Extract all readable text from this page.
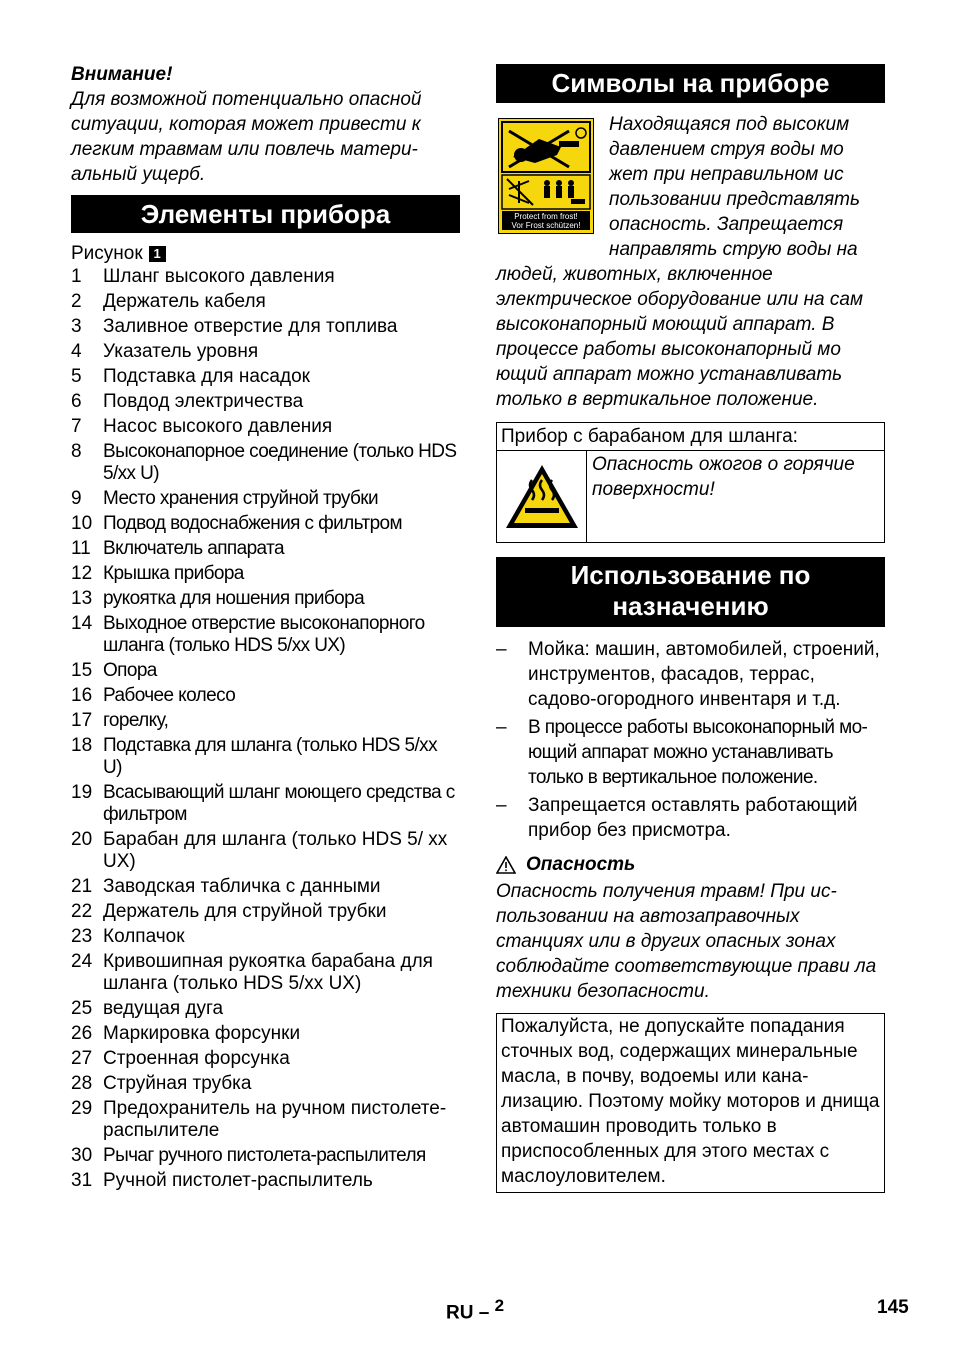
Внимание!
Для возможной потенциально опасной ситуации, которая может привести к легким травмам или повлечь материальный ущерб.
Элементы прибора
Рисунок 1
1	Шланг высокого давления
2	Держатель кабеля
3	Заливное отверстие для топлива
4	Указатель уровня
5	Подставка для насадок
6	Повдод электричества
7	Насос высокого давления
8	Высоконапорное соединение (только HDS 5/xx U)
9	Место хранения струйной трубки
10 Подвод водоснабжения с фильтром
11 Включатель аппарата
12 Крышка прибора
13 рукоятка для ношения прибора
14 Выходное отверстие высоконапорного шланга (только HDS 5/xx UX)
15 Опора
16 Рабочее колесо
17 горелку,
18 Подставка для шланга (только HDS 5/xx U)
19 Всасывающий шланг моющего средства с фильтром
20 Барабан для шланга (только HDS 5/ xx UX)
21 Заводская табличка с данными
22 Держатель для струйной трубки
23 Колпачок
24 Кривошипная рукоятка барабана для шланга (только HDS 5/xx UX)
25 ведущая дуга
26 Маркировка форсунки
27 Строенная форсунка
28 Струйная трубка
29 Предохранитель на ручном пистолете-распылителе
30 Рычаг ручного пистолета-распылителя
31 Ручной пистолет-распылитель
Символы на приборе
Protect from frost!
Vor Frost schützen!
Находящаяся под высоким давлением струя воды мо жет при неправильном ис пользовании представлять опасность. Запрещается направлять струю воды на людей, животных, включенное электрическое оборудование или на сам высоконапорный моющий аппарат. В процессе работы высоконапорный мо ющий аппарат можно устанавливать только в вертикальное положение.
Прибор с барабаном для шланга:
Опасность ожогов о горячие поверхности!
Использование по
назначению
–	Мойка: машин, автомобилей, строений, инструментов, фасадов, террас, садово-огородного инвентаря и т.д.
–	В процессе работы высоконапорный моющий аппарат можно устанавливать только в вертикальное положение.
–	Запрещается оставлять работающий прибор без присмотра.
Опасность
Опасность получения травм! При использовании на автозаправочных станциях или в других опасных зонах соблюдайте соответствующие прави ла техники безопасности.
Пожалуйста, не допускайте попадания сточных вод, содержащих минеральные масла, в почву, водоемы или канализацию. Поэтому мойку моторов и днища автомашин проводить только в приспособленных для этого местах с маслоуловителем.
RU – $^2$	145
